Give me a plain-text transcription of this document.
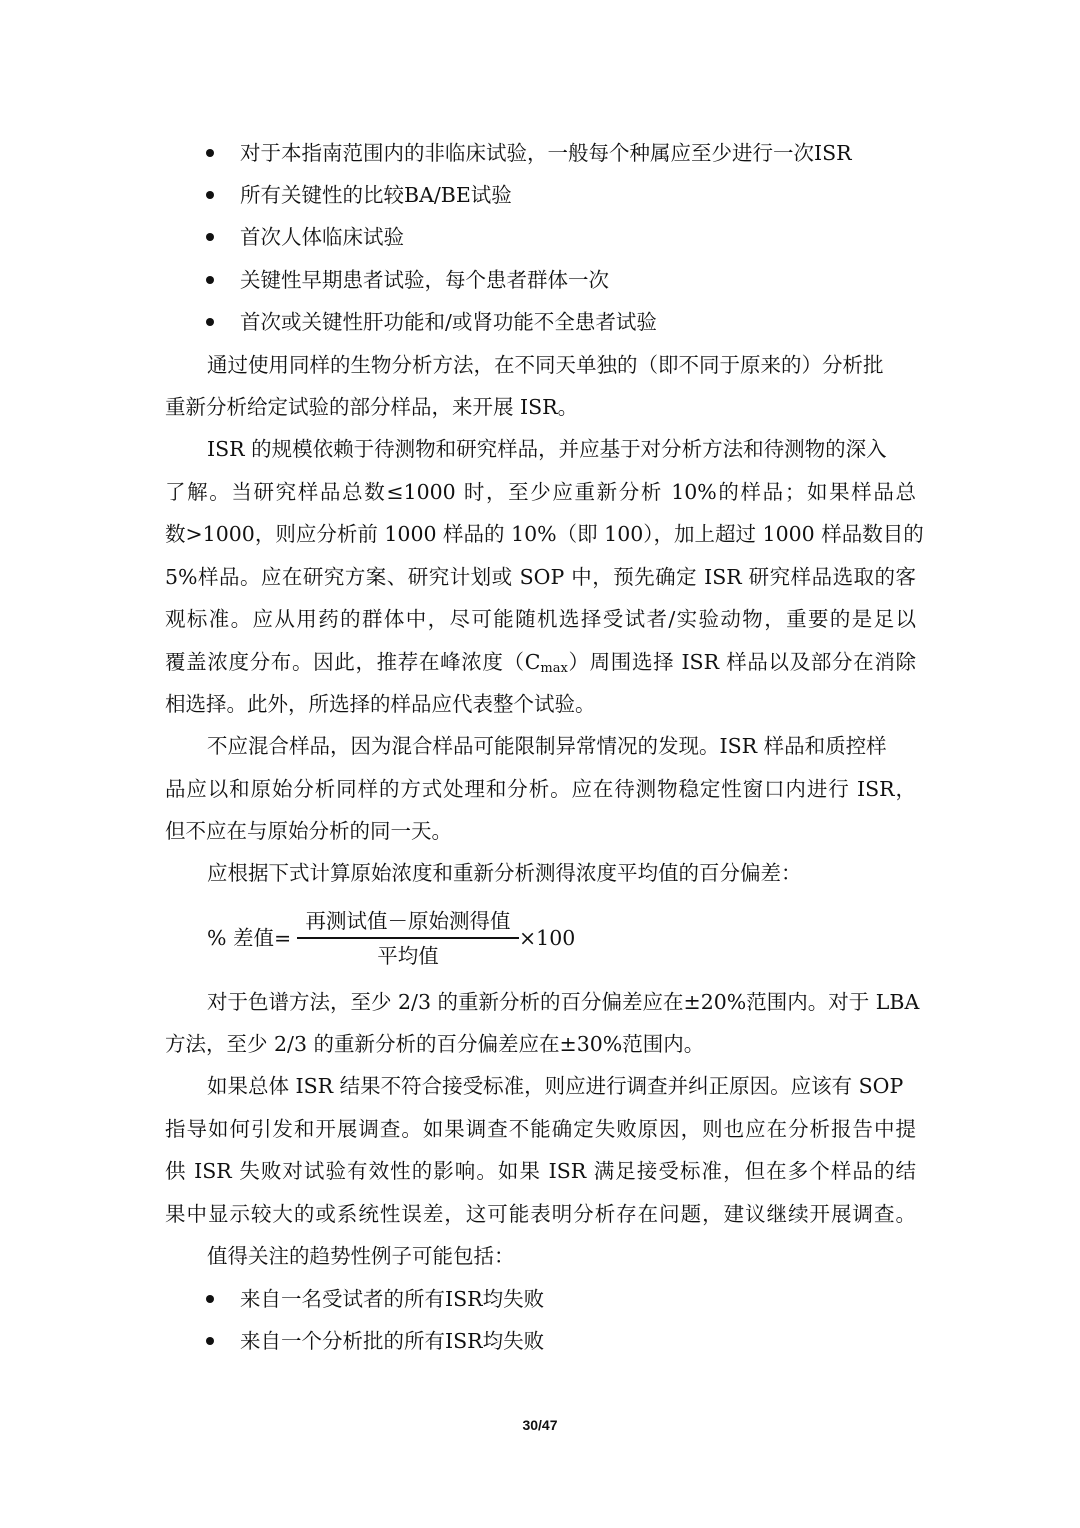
对于本指南范围内的非临床试验，一般每个种属应至少进行一次ISR
所有关键性的比较BA/BE试验
首次人体临床试验
关键性早期患者试验，每个患者群体一次
首次或关键性肝功能和/或肾功能不全患者试验
通过使用同样的生物分析方法，在不同天单独的（即不同于原来的）分析批
重新分析给定试验的部分样品，来开展 ISR。
ISR 的规模依赖于待测物和研究样品，并应基于对分析方法和待测物的深入
了解。当研究样品总数≤1000 时，至少应重新分析 10%的样品；如果样品总
数>1000，则应分析前 1000 样品的 10%（即 100），加上超过 1000 样品数目的
5%样品。应在研究方案、研究计划或 SOP 中，预先确定 ISR 研究样品选取的客
观标准。应从用药的群体中，尽可能随机选择受试者/实验动物，重要的是足以
覆盖浓度分布。因此，推荐在峰浓度$(C_{max})$周围选择 ISR 样品以及部分在消除
相选择。此外，所选择的样品应代表整个试验。
不应混合样品，因为混合样品可能限制异常情况的发现。ISR 样品和质控样
品应以和原始分析同样的方式处理和分析。应在待测物稳定性窗口内进行 ISR，
但不应在与原始分析的同一天。
应根据下式计算原始浓度和重新分析测得浓度平均值的百分偏差：
% 差值=
再测试值－原始测得值
平均值
×100
对于色谱方法，至少 2/3 的重新分析的百分偏差应在±20%范围内。对于 LBA
方法，至少 2/3 的重新分析的百分偏差应在±30%范围内。
如果总体 ISR 结果不符合接受标准，则应进行调查并纠正原因。应该有 SOP
指导如何引发和开展调查。如果调查不能确定失败原因，则也应在分析报告中提
供 ISR 失败对试验有效性的影响。如果 ISR 满足接受标准，但在多个样品的结
果中显示较大的或系统性误差，这可能表明分析存在问题，建议继续开展调查。
值得关注的趋势性例子可能包括：
来自一名受试者的所有ISR均失败
来自一个分析批的所有ISR均失败
30/47
